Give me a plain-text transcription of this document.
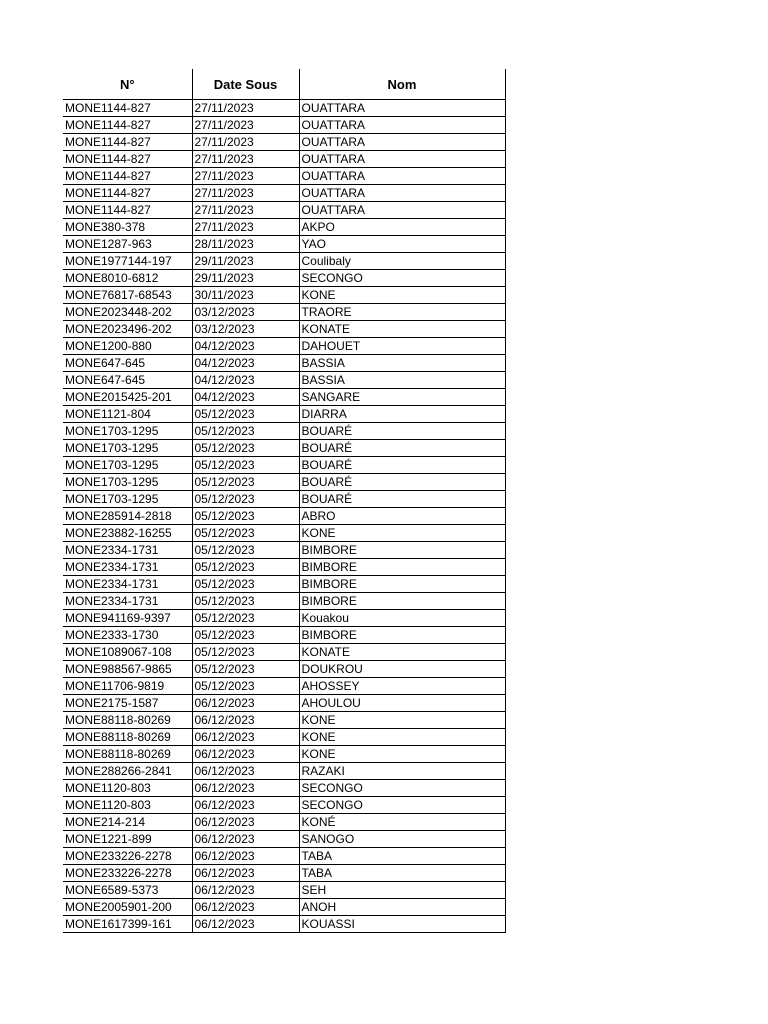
N°	Date Sous	Nom
MONE1144-827	27/11/2023	OUATTARA
MONE1144-827	27/11/2023	OUATTARA
MONE1144-827	27/11/2023	OUATTARA
MONE1144-827	27/11/2023	OUATTARA
MONE1144-827	27/11/2023	OUATTARA
MONE1144-827	27/11/2023	OUATTARA
MONE1144-827	27/11/2023	OUATTARA
MONE380-378	27/11/2023	AKPO
MONE1287-963	28/11/2023	YAO
MONE1977144-197	29/11/2023	Coulibaly
MONE8010-6812	29/11/2023	SECONGO
MONE76817-68543	30/11/2023	KONE
MONE2023448-202	03/12/2023	TRAORE
MONE2023496-202	03/12/2023	KONATE
MONE1200-880	04/12/2023	DAHOUET
MONE647-645	04/12/2023	BASSIA
MONE647-645	04/12/2023	BASSIA
MONE2015425-201	04/12/2023	SANGARE
MONE1121-804	05/12/2023	DIARRA
MONE1703-1295	05/12/2023	BOUARÉ
MONE1703-1295	05/12/2023	BOUARÉ
MONE1703-1295	05/12/2023	BOUARÉ
MONE1703-1295	05/12/2023	BOUARÉ
MONE1703-1295	05/12/2023	BOUARÉ
MONE285914-2818	05/12/2023	ABRO
MONE23882-16255	05/12/2023	KONE
MONE2334-1731	05/12/2023	BIMBORE
MONE2334-1731	05/12/2023	BIMBORE
MONE2334-1731	05/12/2023	BIMBORE
MONE2334-1731	05/12/2023	BIMBORE
MONE941169-9397	05/12/2023	Kouakou
MONE2333-1730	05/12/2023	BIMBORE
MONE1089067-108	05/12/2023	KONATE
MONE988567-9865	05/12/2023	DOUKROU
MONE11706-9819	05/12/2023	AHOSSEY
MONE2175-1587	06/12/2023	AHOULOU
MONE88118-80269	06/12/2023	KONE
MONE88118-80269	06/12/2023	KONE
MONE88118-80269	06/12/2023	KONE
MONE288266-2841	06/12/2023	RAZAKI
MONE1120-803	06/12/2023	SECONGO
MONE1120-803	06/12/2023	SECONGO
MONE214-214	06/12/2023	KONÉ
MONE1221-899	06/12/2023	SANOGO
MONE233226-2278	06/12/2023	TABA
MONE233226-2278	06/12/2023	TABA
MONE6589-5373	06/12/2023	SEH
MONE2005901-200	06/12/2023	ANOH
MONE1617399-161	06/12/2023	KOUASSI
